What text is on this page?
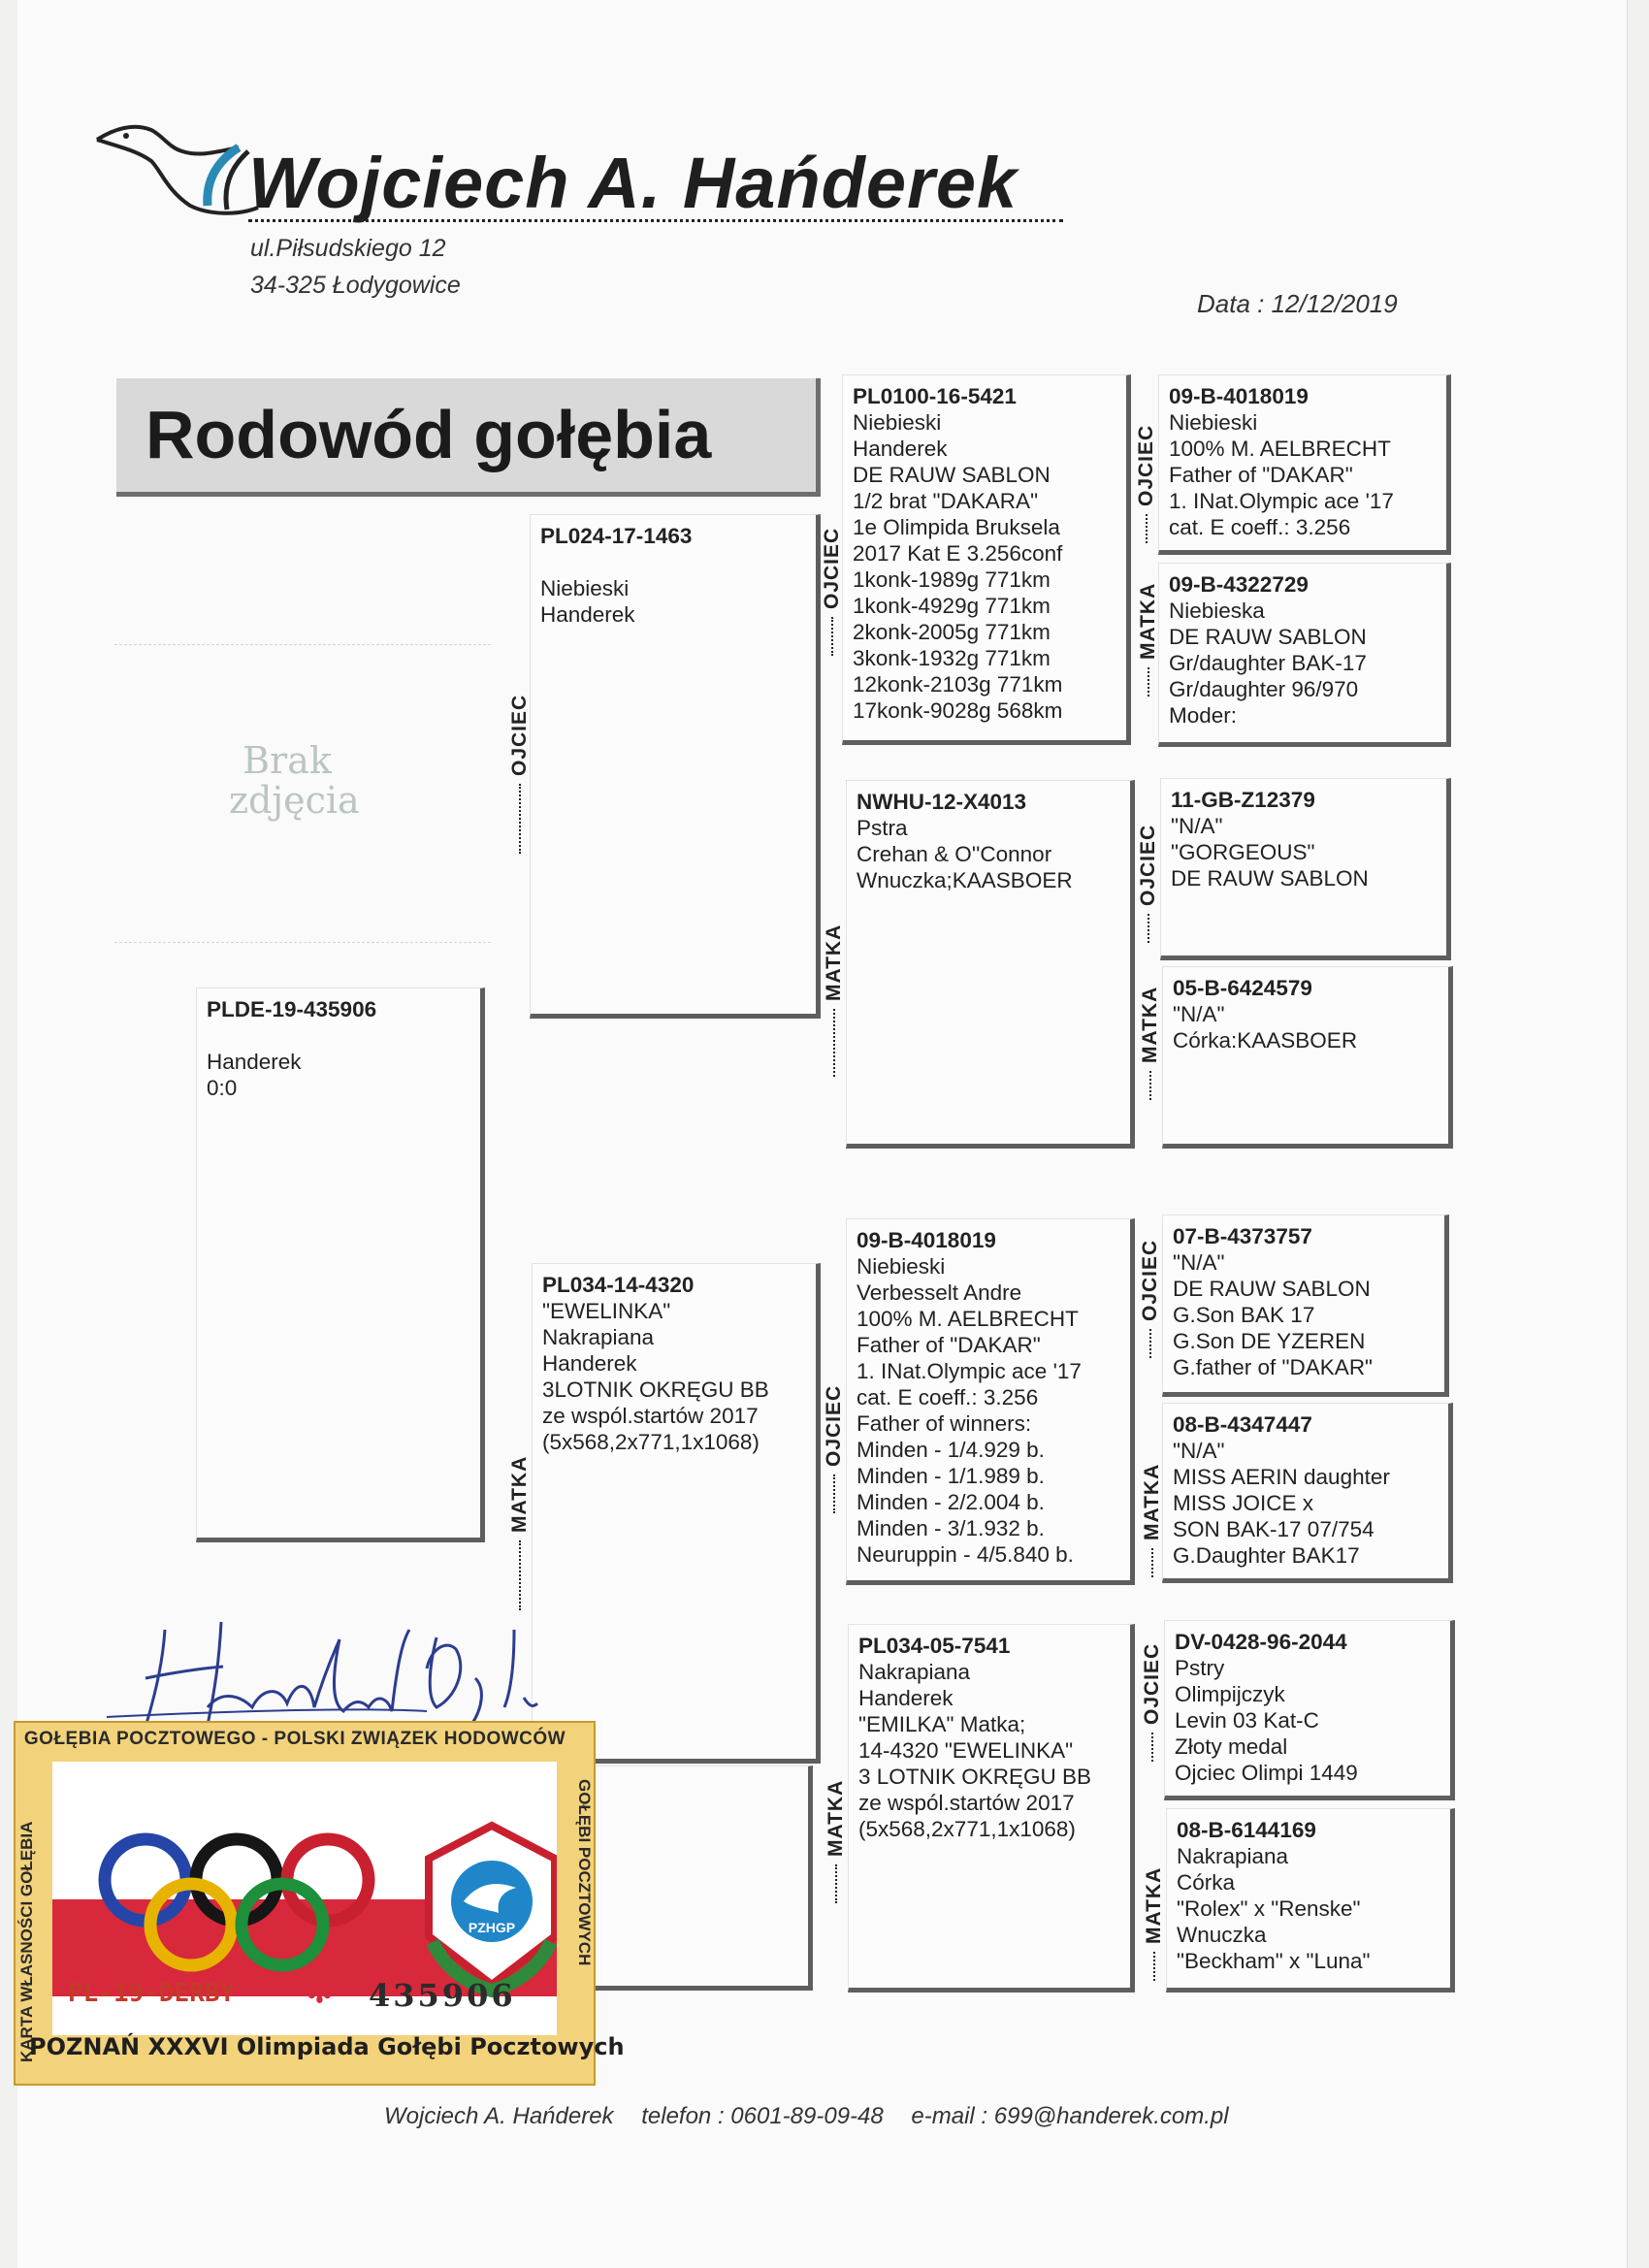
Wojciech A. Hańderek
ul.Piłsudskiego 12
34-325 Łodygowice
Data : 12/12/2019
Rodowód gołębia
Brak
zdjęcia
PLDE-19-435906
Handerek
0:0
PL024-17-1463
Niebieski
Handerek
PL034-14-4320
"EWELINKA"
Nakrapiana
Handerek
3LOTNIK OKRĘGU BB
ze wspól.startów 2017
(5x568,2x771,1x1068)
OJCIEC
MATKA
PL0100-16-5421
Niebieski
Handerek
DE RAUW SABLON
1/2 brat "DAKARA"
1e Olimpida Bruksela
2017 Kat E 3.256conf
1konk-1989g 771km
1konk-4929g 771km
2konk-2005g 771km
3konk-1932g 771km
12konk-2103g 771km
17konk-9028g 568km
NWHU-12-X4013
Pstra
Crehan & O''Connor
Wnuczka;KAASBOER
09-B-4018019
Niebieski
Verbesselt Andre
100% M. AELBRECHT
Father of "DAKAR"
1. INat.Olympic ace '17
cat. E coeff.: 3.256
Father of winners:
Minden - 1/4.929 b.
Minden - 1/1.989 b.
Minden - 2/2.004 b.
Minden - 3/1.932 b.
Neuruppin - 4/5.840 b.
PL034-05-7541
Nakrapiana
Handerek
"EMILKA" Matka;
14-4320 "EWELINKA"
3 LOTNIK OKRĘGU BB
ze wspól.startów 2017
(5x568,2x771,1x1068)
OJCIEC
MATKA
OJCIEC
MATKA
09-B-4018019
Niebieski
100% M. AELBRECHT
Father of "DAKAR"
1. INat.Olympic ace '17
cat. E coeff.: 3.256
09-B-4322729
Niebieska
DE RAUW SABLON
Gr/daughter BAK-17
Gr/daughter 96/970
Moder:
11-GB-Z12379
"N/A"
"GORGEOUS"
DE RAUW SABLON
05-B-6424579
"N/A"
Córka:KAASBOER
07-B-4373757
"N/A"
DE RAUW SABLON
G.Son BAK 17
G.Son DE YZEREN
G.father of "DAKAR"
08-B-4347447
"N/A"
MISS AERIN daughter
MISS JOICE x
SON BAK-17 07/754
G.Daughter BAK17
DV-0428-96-2044
Pstry
Olimpijczyk
Levin 03 Kat-C
Złoty medal
Ojciec Olimpi 1449
08-B-6144169
Nakrapiana
Córka
"Rolex" x "Renske"
Wnuczka
"Beckham" x "Luna"
OJCIEC
MATKA
OJCIEC
MATKA
OJCIEC
MATKA
OJCIEC
MATKA
PZHGP
GOŁĘBIA POCZTOWEGO - POLSKI ZWIĄZEK HODOWCÓW
KARTA WŁASNOŚCI GOŁĘBIA	GOŁĘBI POCZTOWYCH
PL-19-DERBY ✻ 435906
POZNAŃ XXXVI Olimpiada Gołębi Pocztowych
Wojciech A. Hańderek telefon : 0601-89-09-48 e-mail : 699@handerek.com.pl
